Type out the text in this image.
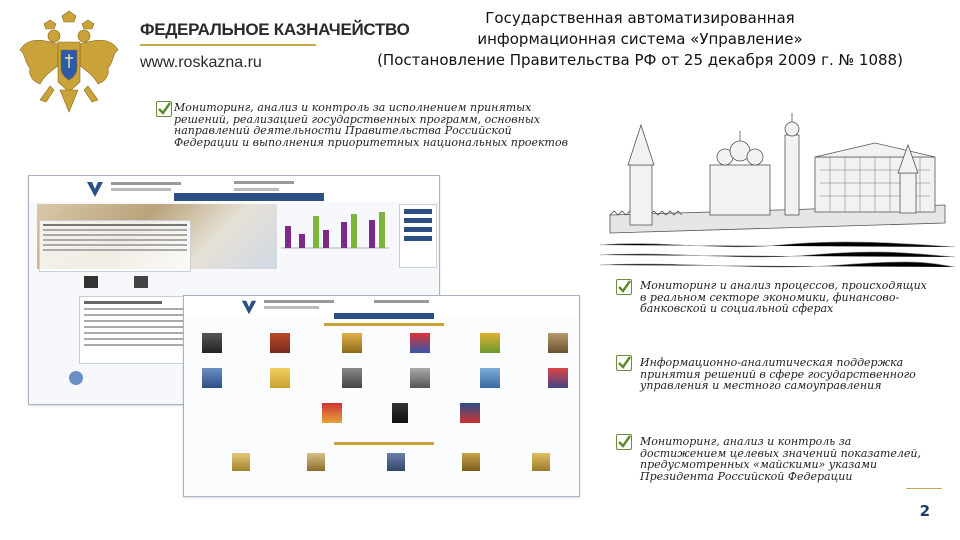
ФЕДЕРАЛЬНОЕ КАЗНАЧЕЙСТВО
www.roskazna.ru
Государственная автоматизированная
информационная система «Управление»
(Постановление Правительства РФ от 25 декабря 2009 г. № 1088)
Мониторинг, анализ и контроль за исполнением принятых
решений, реализацией государственных программ, основных
направлений деятельности Правительства Российской
Федерации и выполнения приоритетных национальных проектов
Мониторинг и анализ процессов, происходящих
в реальном секторе экономики, финансово-
банковской и социальной сферах
Информационно-аналитическая поддержка
принятия решений в сфере государственного
управления и местного самоуправления
Мониторинг, анализ и контроль за
достижением целевых значений показателей,
предусмотренных «майскими» указами
Президента Российской Федерации
2
